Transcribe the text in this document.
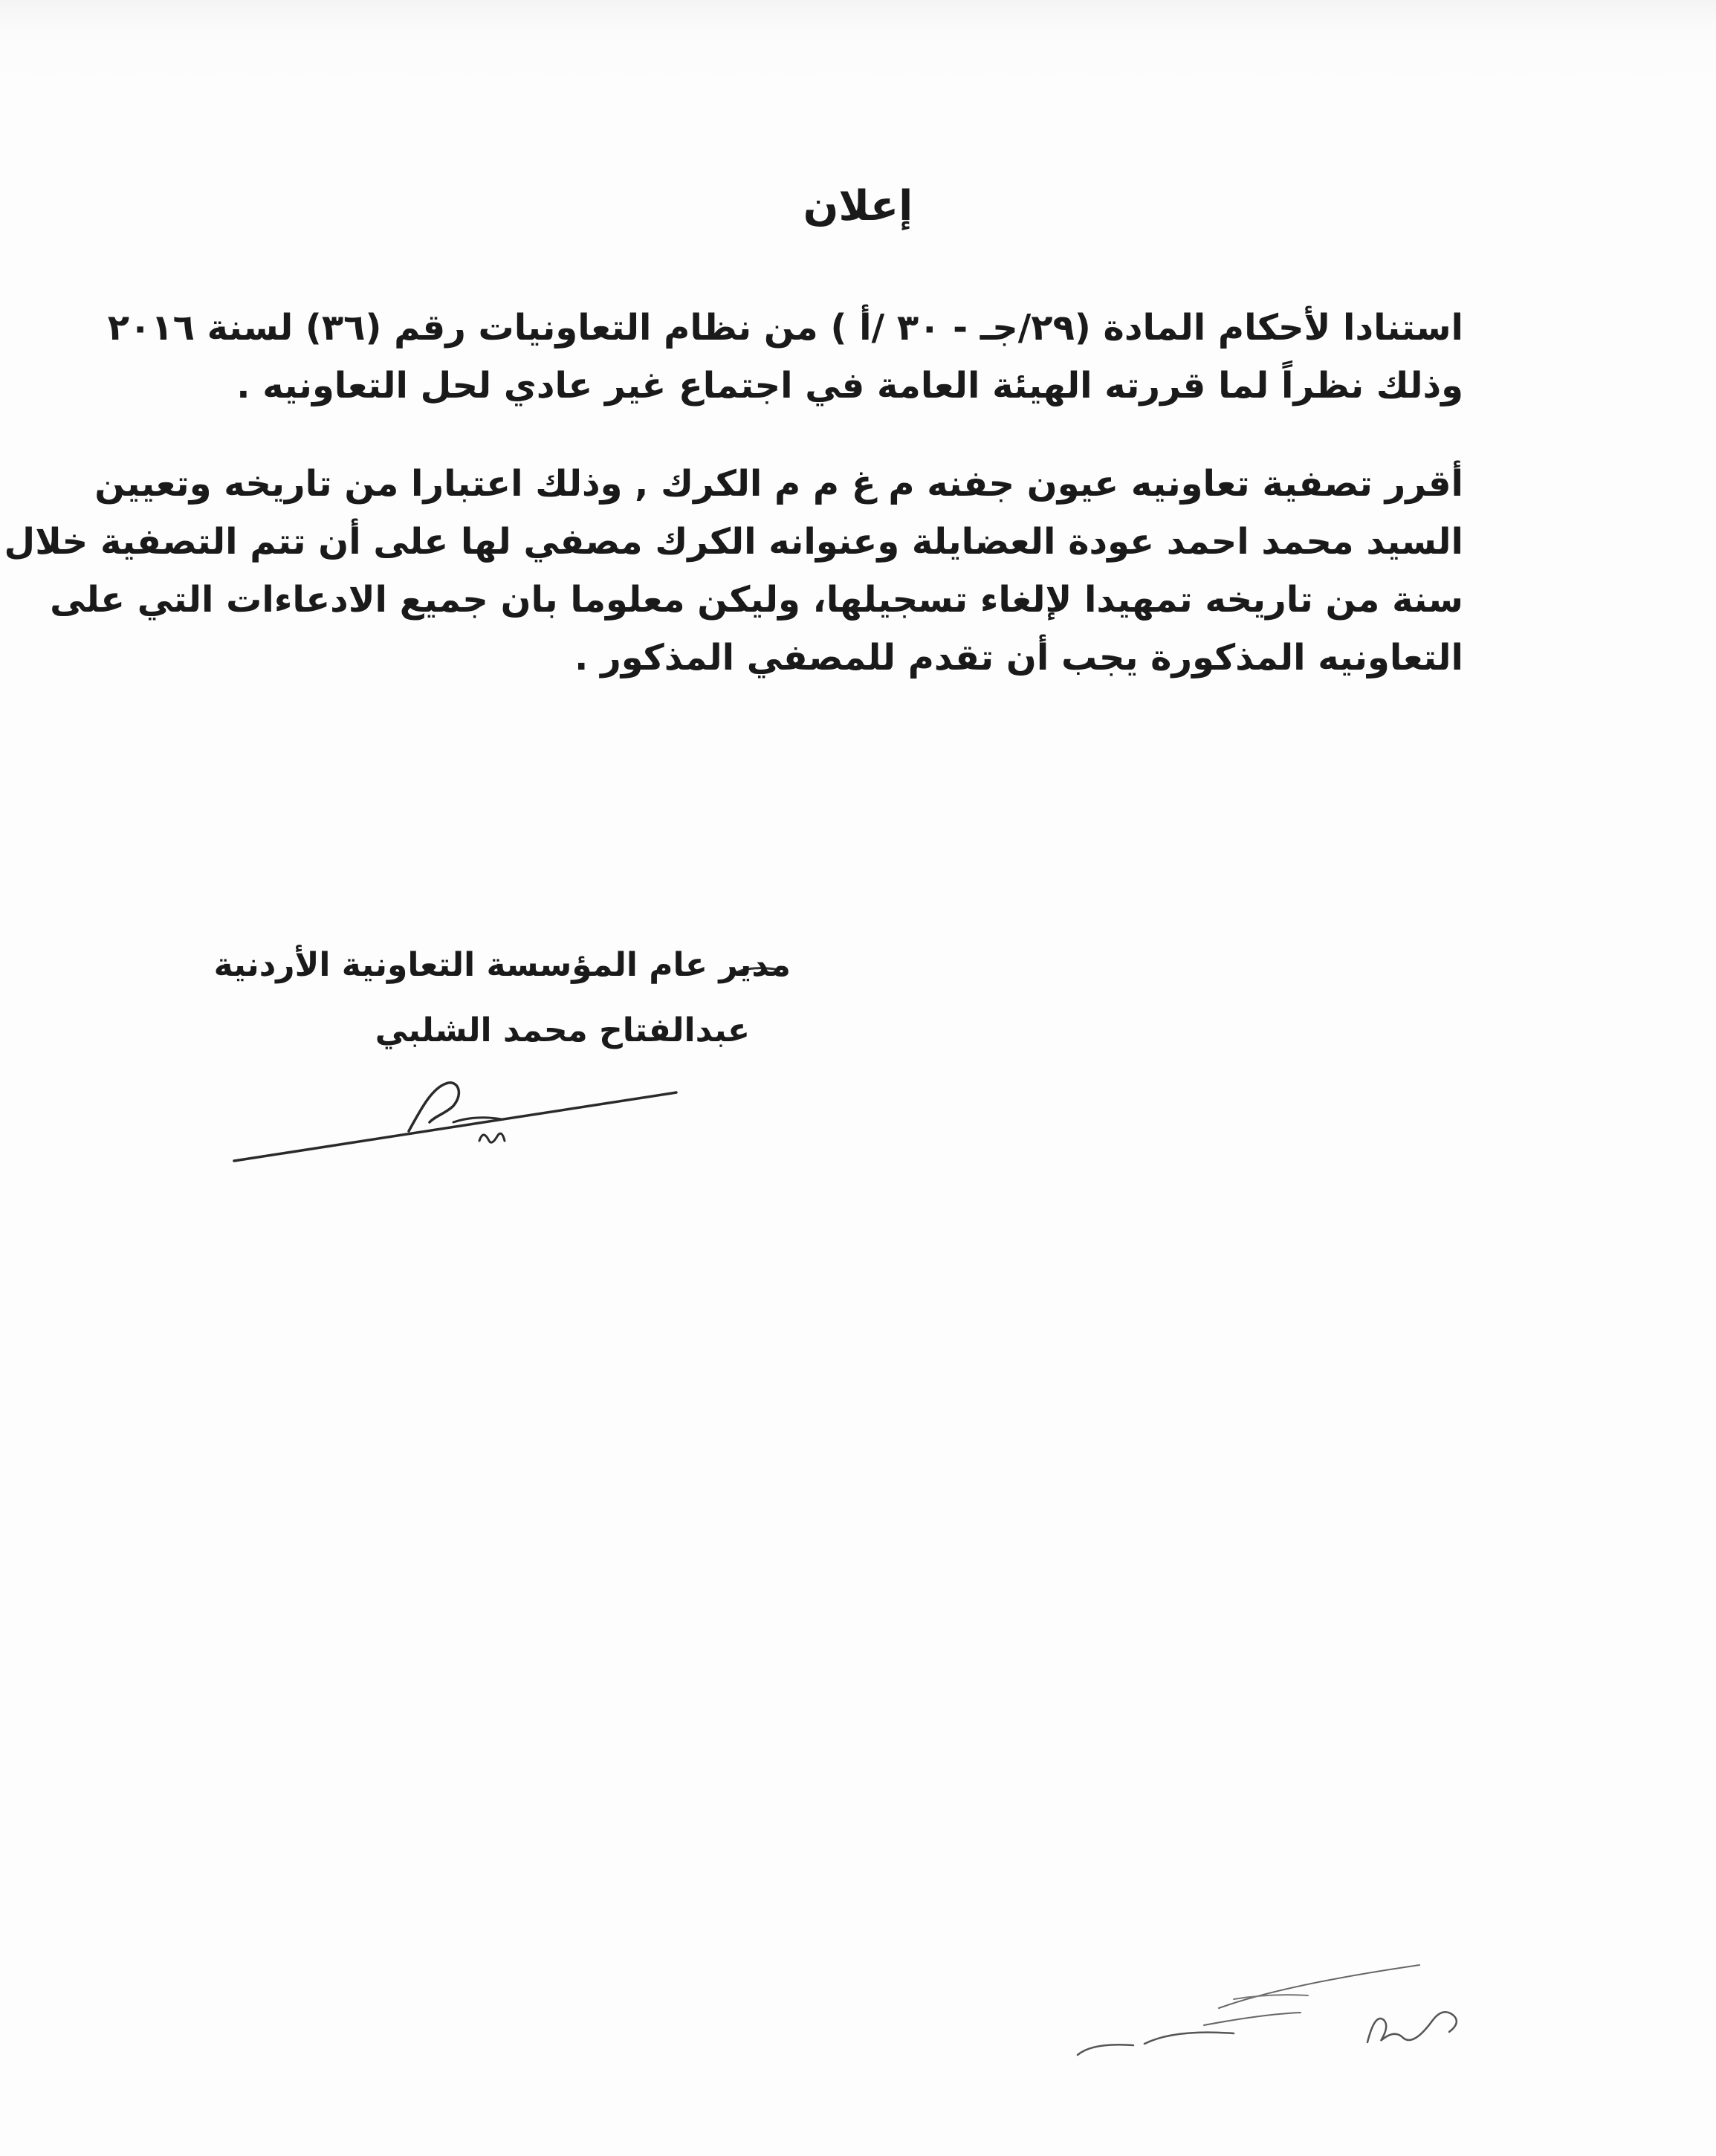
إعلان

استنادا لأحكام المادة (٢٩/جـ - ٣٠ /أ ) من نظام التعاونيات رقم (٣٦) لسنة ٢٠١٦
وذلك نظراً لما قررته الهيئة العامة في اجتماع غير عادي لحل التعاونيه .

أقرر تصفية تعاونيه عيون جفنه م غ م م الكرك , وذلك اعتبارا من تاريخه وتعيين
السيد محمد احمد عودة العضايلة وعنوانه الكرك مصفي لها على أن تتم التصفية خلال
سنة من تاريخه تمهيدا لإلغاء تسجيلها، وليكن معلوما بان جميع الادعاءات التي على
التعاونيه المذكورة يجب أن تقدم للمصفي المذكور .

مدير عام المؤسسة التعاونية الأردنية

عبدالفتاح محمد الشلبي
